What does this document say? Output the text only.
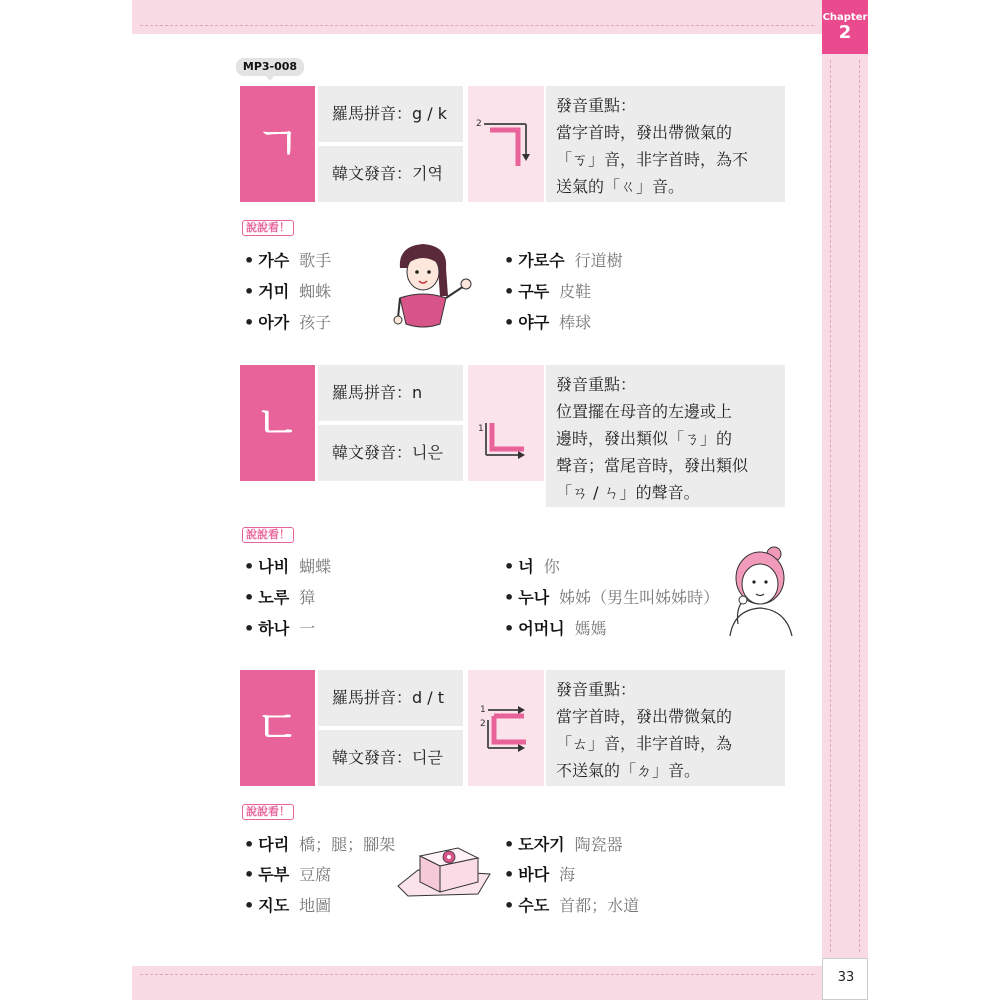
Chapter
2
33
MP3-008
ㄱ
羅馬拼音：g / k
韓文發音：기역
2
發音重點：
當字首時，發出帶微氣的
「ㄎ」音，非字首時，為不
送氣的「ㄍ」音。
說說看！
• 가수 歌手
• 거미 蜘蛛
• 아가 孩子
• 가로수 行道樹
• 구두 皮鞋
• 야구 棒球
ㄴ
羅馬拼音：n
韓文發音：니은
1
發音重點：
位置擺在母音的左邊或上
邊時，發出類似「ㄋ」的
聲音；當尾音時，發出類似
「ㄢ / ㄣ」的聲音。
說說看！
• 나비 蝴蝶
• 노루 獐
• 하나 一
• 너 你
• 누나 姊姊（男生叫姊姊時）
• 어머니 媽媽
ㄷ
羅馬拼音：d / t
韓文發音：디귿
1
2
發音重點：
當字首時，發出帶微氣的
「ㄊ」音，非字首時，為
不送氣的「ㄉ」音。
說說看！
• 다리 橋；腿；腳架
• 두부 豆腐
• 지도 地圖
• 도자기 陶瓷器
• 바다 海
• 수도 首都；水道
